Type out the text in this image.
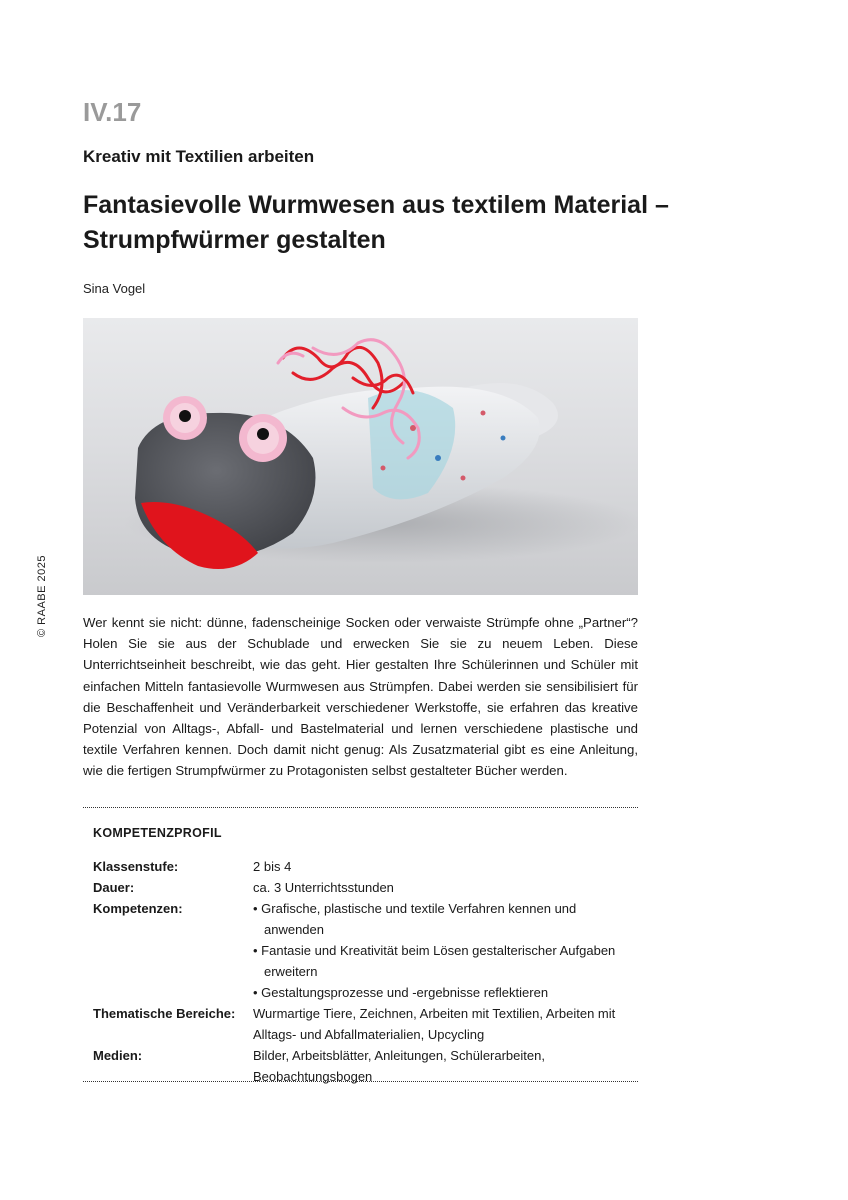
© RAABE 2025
IV.17
Kreativ mit Textilien arbeiten
Fantasievolle Wurmwesen aus textilem Material – Strumpfwürmer gestalten
Sina Vogel

Wer kennt sie nicht: dünne, fadenscheinige Socken oder verwaiste Strümpfe ohne „Partner“? Holen Sie sie aus der Schublade und erwecken Sie sie zu neuem Leben. Diese Unterrichtseinheit beschreibt, wie das geht. Hier gestalten Ihre Schülerinnen und Schüler mit einfachen Mitteln fantasievolle Wurmwesen aus Strümpfen. Dabei werden sie sensibilisiert für die Beschaffenheit und Veränderbarkeit verschiedener Werkstoffe, sie erfahren das kreative Potenzial von Alltags-, Abfall- und Bastelmaterial und lernen verschiedene plastische und textile Verfahren kennen. Doch damit nicht genug: Als Zusatzmaterial gibt es eine Anleitung, wie die fertigen Strumpfwürmer zu Protagonisten selbst gestalteter Bücher werden.

KOMPETENZPROFIL
Klassenstufe:	2 bis 4
Dauer:	ca. 3 Unterrichtsstunden
Kompetenzen:
•	Grafische, plastische und textile Verfahren kennen und anwenden
• Fantasie und Kreativität beim Lösen gestalterischer Aufgaben erweitern
• Gestaltungsprozesse und -ergebnisse reflektieren
Thematische Bereiche:	Wurmartige Tiere, Zeichnen, Arbeiten mit Textilien, Arbeiten mit Alltags- und Abfallmaterialien, Upcycling
Medien:	Bilder, Arbeitsblätter, Anleitungen, Schülerarbeiten, Beobachtungsbogen
